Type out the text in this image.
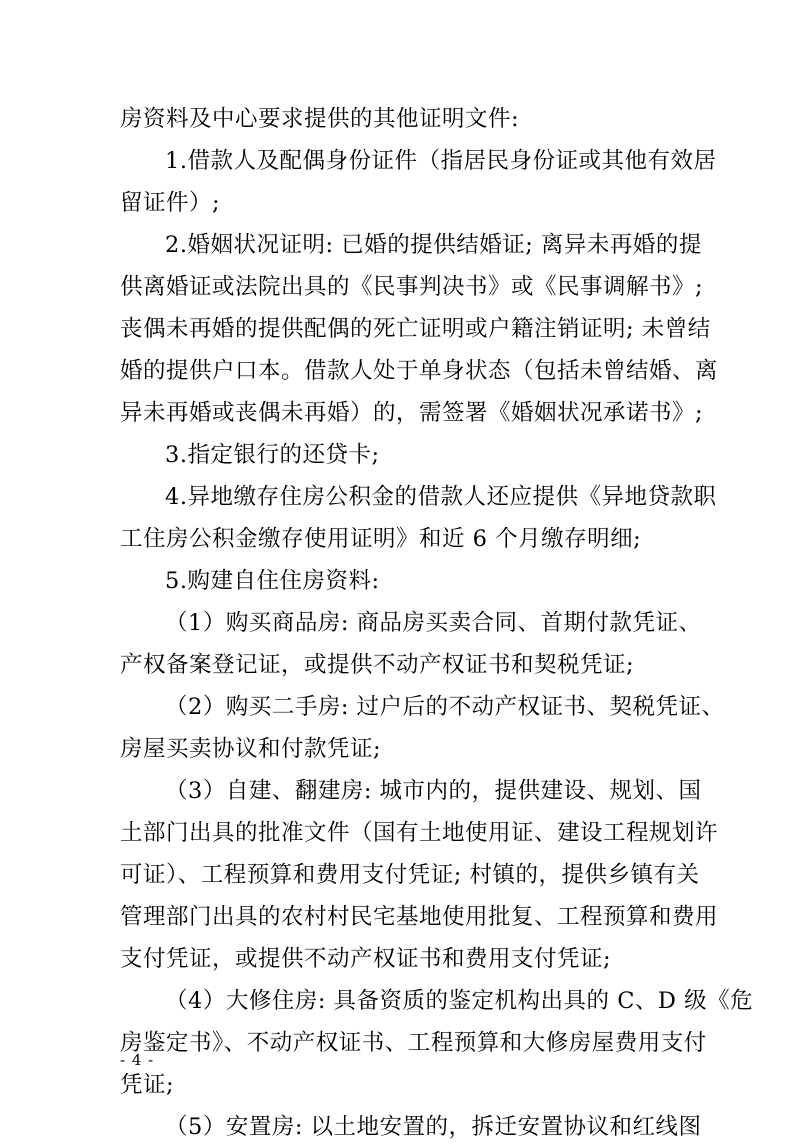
房资料及中心要求提供的其他证明文件:
1.借款人及配偶身份证件（指居民身份证或其他有效居
留证件）;
2.婚姻状况证明: 已婚的提供结婚证; 离异未再婚的提
供离婚证或法院出具的《民事判决书》或《民事调解书》;
丧偶未再婚的提供配偶的死亡证明或户籍注销证明; 未曾结
婚的提供户口本。借款人处于单身状态（包括未曾结婚、离
异未再婚或丧偶未再婚）的，需签署《婚姻状况承诺书》;
3.指定银行的还贷卡;
4.异地缴存住房公积金的借款人还应提供《异地贷款职
工住房公积金缴存使用证明》和近 6 个月缴存明细;
5.购建自住住房资料:
（1）购买商品房: 商品房买卖合同、首期付款凭证、
产权备案登记证，或提供不动产权证书和契税凭证;
（2）购买二手房: 过户后的不动产权证书、契税凭证、
房屋买卖协议和付款凭证;
（3）自建、翻建房: 城市内的，提供建设、规划、国
土部门出具的批准文件（国有土地使用证、建设工程规划许
可证）、工程预算和费用支付凭证; 村镇的，提供乡镇有关
管理部门出具的农村村民宅基地使用批复、工程预算和费用
支付凭证，或提供不动产权证书和费用支付凭证;
（4）大修住房: 具备资质的鉴定机构出具的 C、D 级《危
房鉴定书》、不动产权证书、工程预算和大修房屋费用支付
凭证;
（5）安置房: 以土地安置的，拆迁安置协议和红线图
- 4 -
